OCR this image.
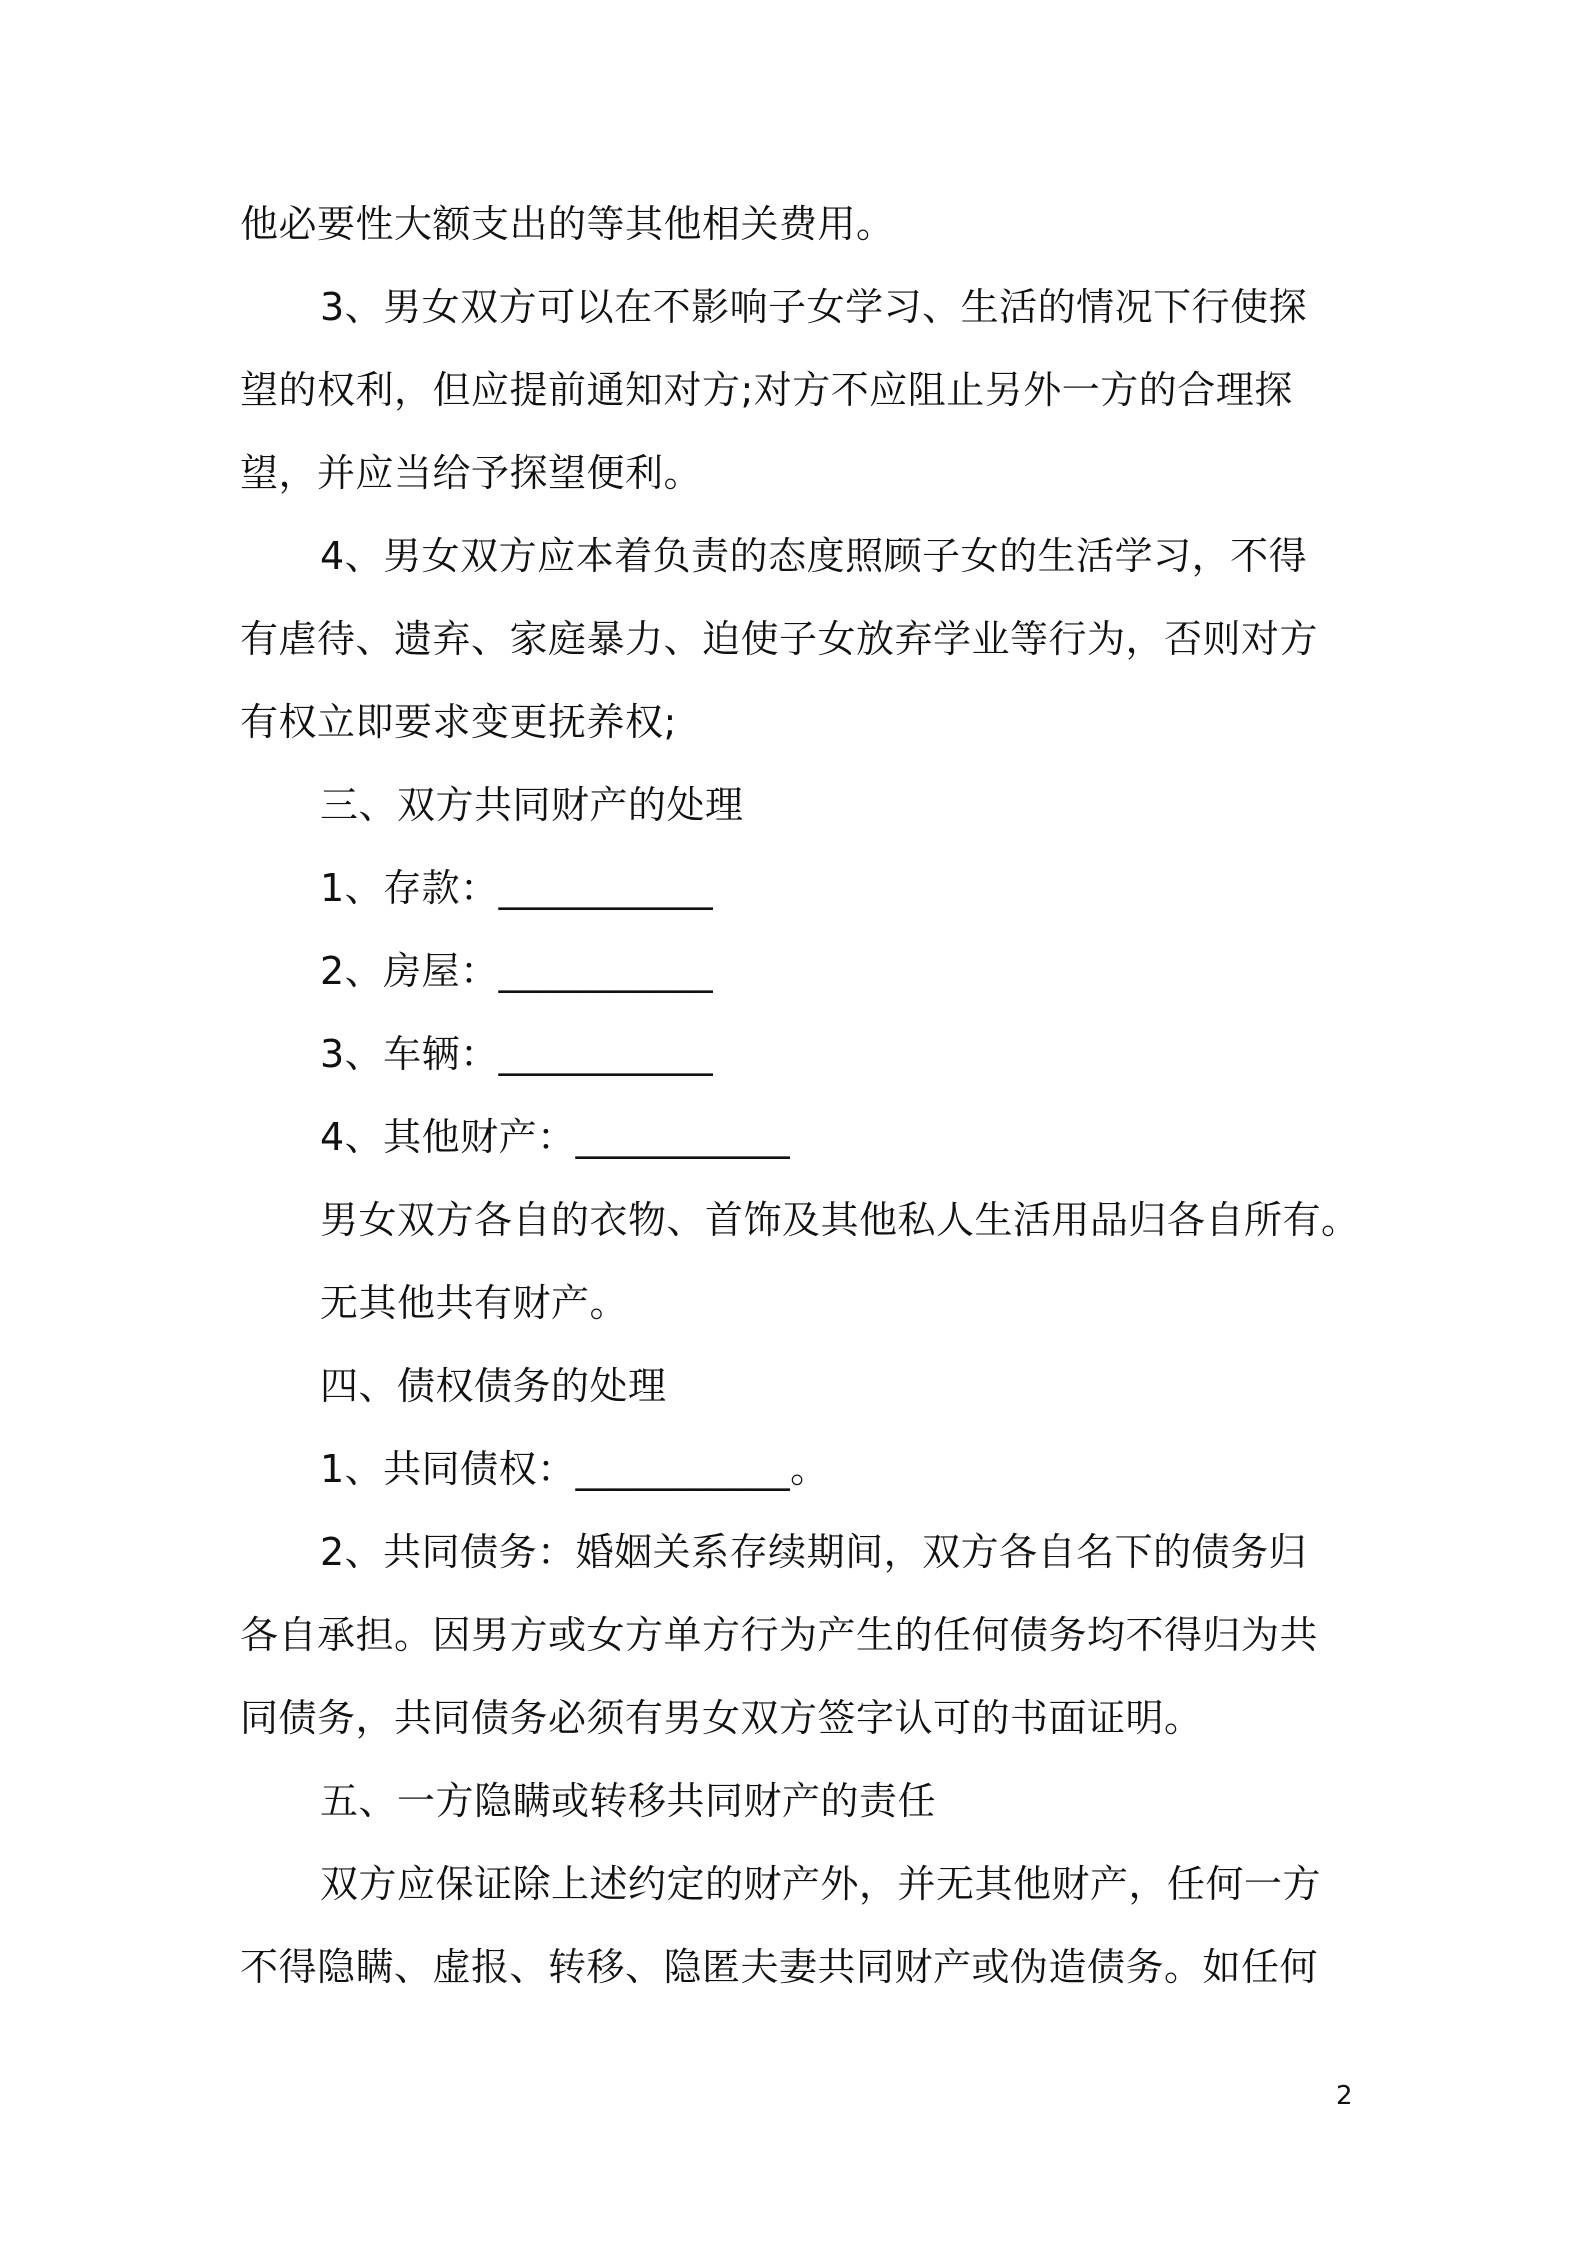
他必要性大额支出的等其他相关费用。
3、男女双方可以在不影响子女学习、生活的情况下行使探
望的权利，但应提前通知对方;对方不应阻止另外一方的合理探
望，并应当给予探望便利。
4、男女双方应本着负责的态度照顾子女的生活学习，不得
有虐待、遗弃、家庭暴力、迫使子女放弃学业等行为，否则对方
有权立即要求变更抚养权;
三、双方共同财产的处理
1、存款：___________
2、房屋：___________
3、车辆：___________
4、其他财产：___________
男女双方各自的衣物、首饰及其他私人生活用品归各自所有。
无其他共有财产。
四、债权债务的处理
1、共同债权：___________。
2、共同债务：婚姻关系存续期间，双方各自名下的债务归
各自承担。因男方或女方单方行为产生的任何债务均不得归为共
同债务，共同债务必须有男女双方签字认可的书面证明。
五、一方隐瞒或转移共同财产的责任
双方应保证除上述约定的财产外，并无其他财产，任何一方
不得隐瞒、虚报、转移、隐匿夫妻共同财产或伪造债务。如任何
2
